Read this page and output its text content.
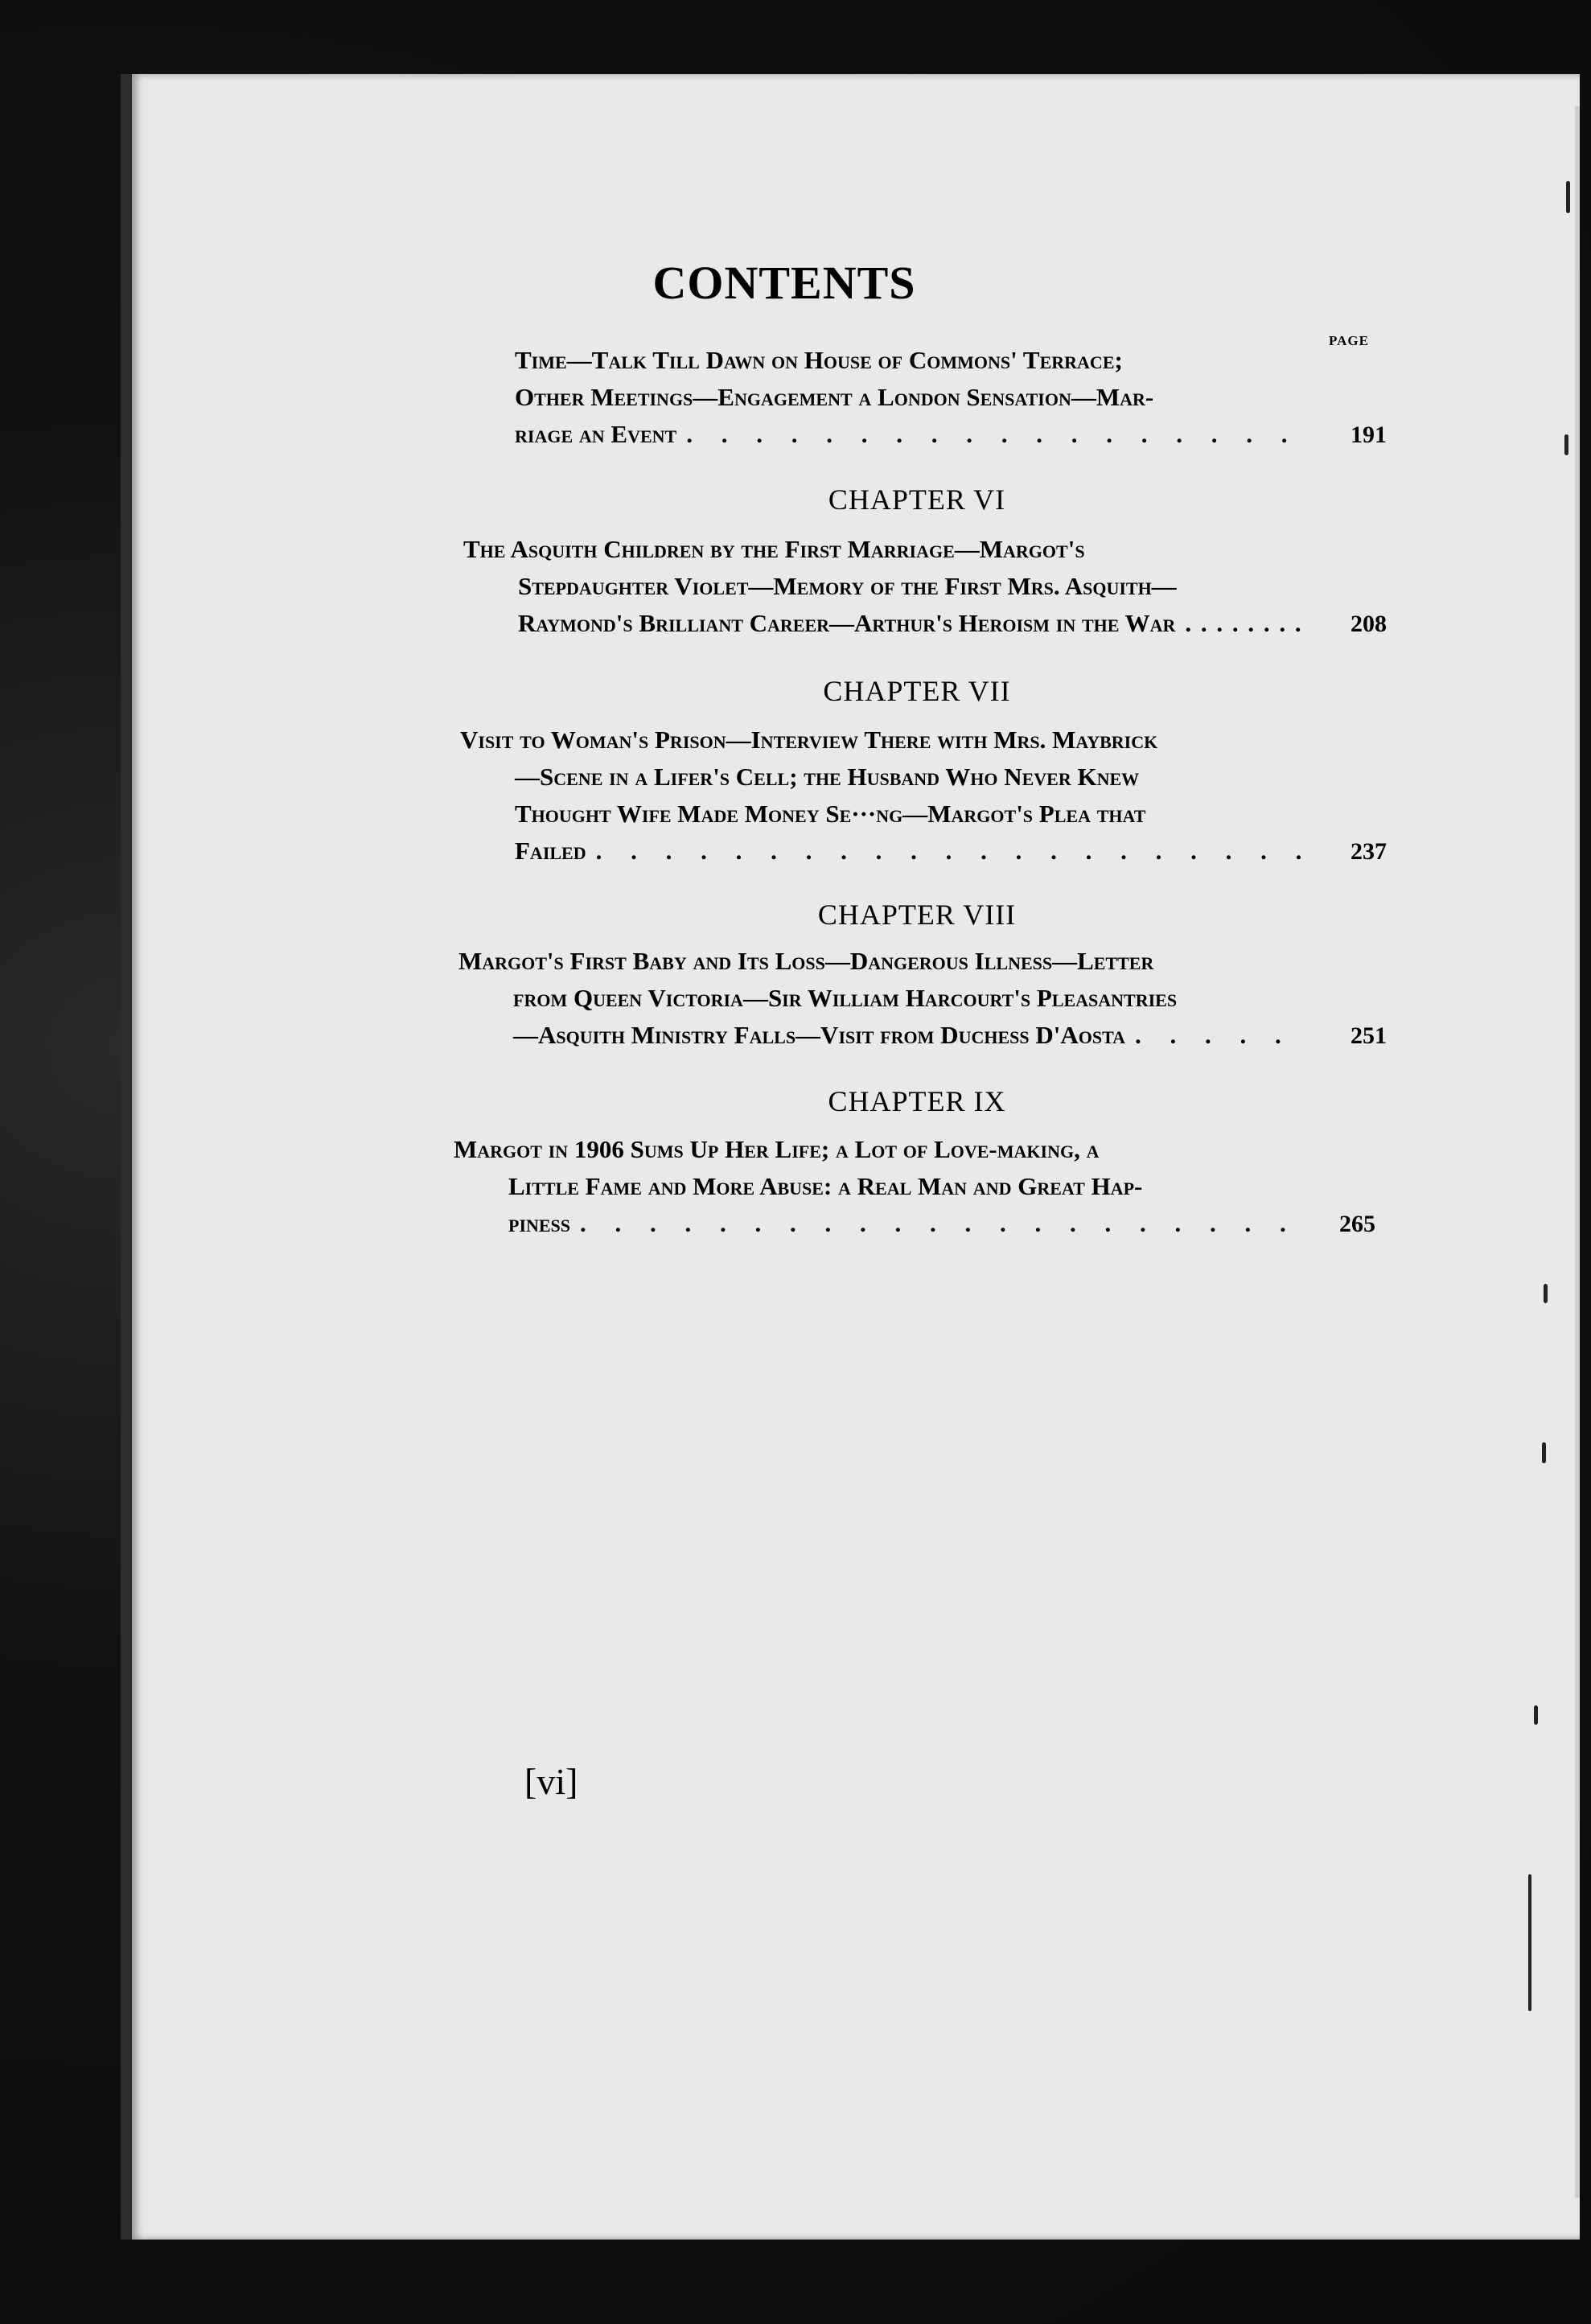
CONTENTS
PAGE
Time—Talk Till Dawn on House of Commons' Terrace;
Other Meetings—Engagement a London Sensation—Mar-
riage an Event . . .	191
CHAPTER VI
The Asquith Children by the First Marriage—Margot's
Stepdaughter Violet—Memory of the First Mrs. Asquith—
Raymond's Brilliant Career—Arthur's Heroism in the War . . .	208
CHAPTER VII
Visit to Woman's Prison—Interview There with Mrs. Maybrick
—Scene in a Lifer's Cell; the Husband Who Never Knew
Thought Wife Made Money Se···ng—Margot's Plea that
Failed . . .	237
CHAPTER VIII
Margot's First Baby and Its Loss—Dangerous Illness—Letter
from Queen Victoria—Sir William Harcourt's Pleasantries
—Asquith Ministry Falls—Visit from Duchess D'Aosta . . .	251
CHAPTER IX
Margot in 1906 Sums Up Her Life; a Lot of Love-making, a
Little Fame and More Abuse: a Real Man and Great Hap-
piness . . .	265
[vi]
